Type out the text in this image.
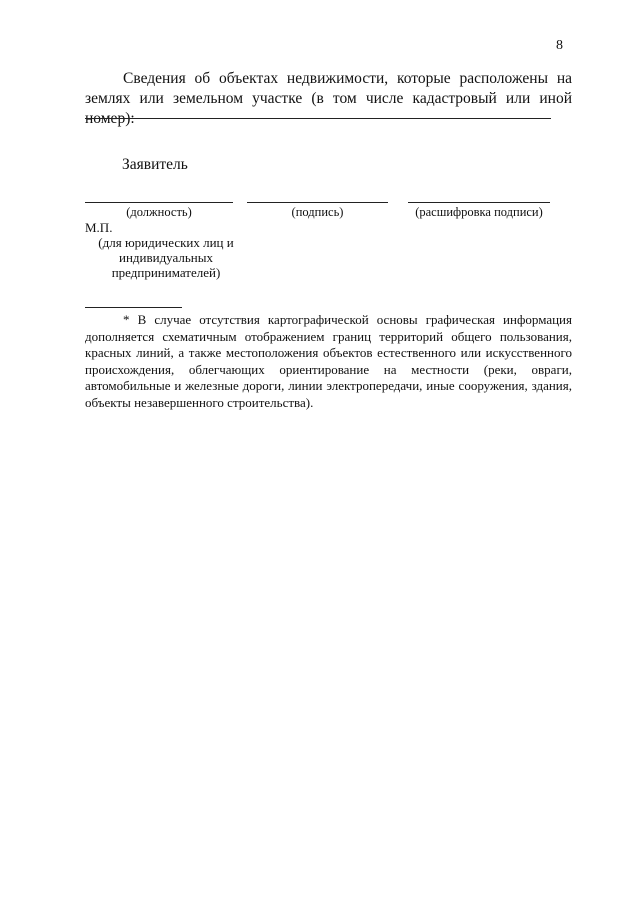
8

Сведения об объектах недвижимости, которые расположены на землях или земельном участке (в том числе кадастровый или иной номер):

Заявитель
(должность)	(подпись)	(расшифровка подписи)
М.П.
(для юридических лиц и индивидуальных предпринимателей)

* В случае отсутствия картографической основы графическая информация дополняется схематичным отображением границ территорий общего пользования, красных линий, а также местоположения объектов естественного или искусственного происхождения, облегчающих ориентирование на местности (реки, овраги, автомобильные и железные дороги, линии электропередачи, иные сооружения, здания, объекты незавершенного строительства).
